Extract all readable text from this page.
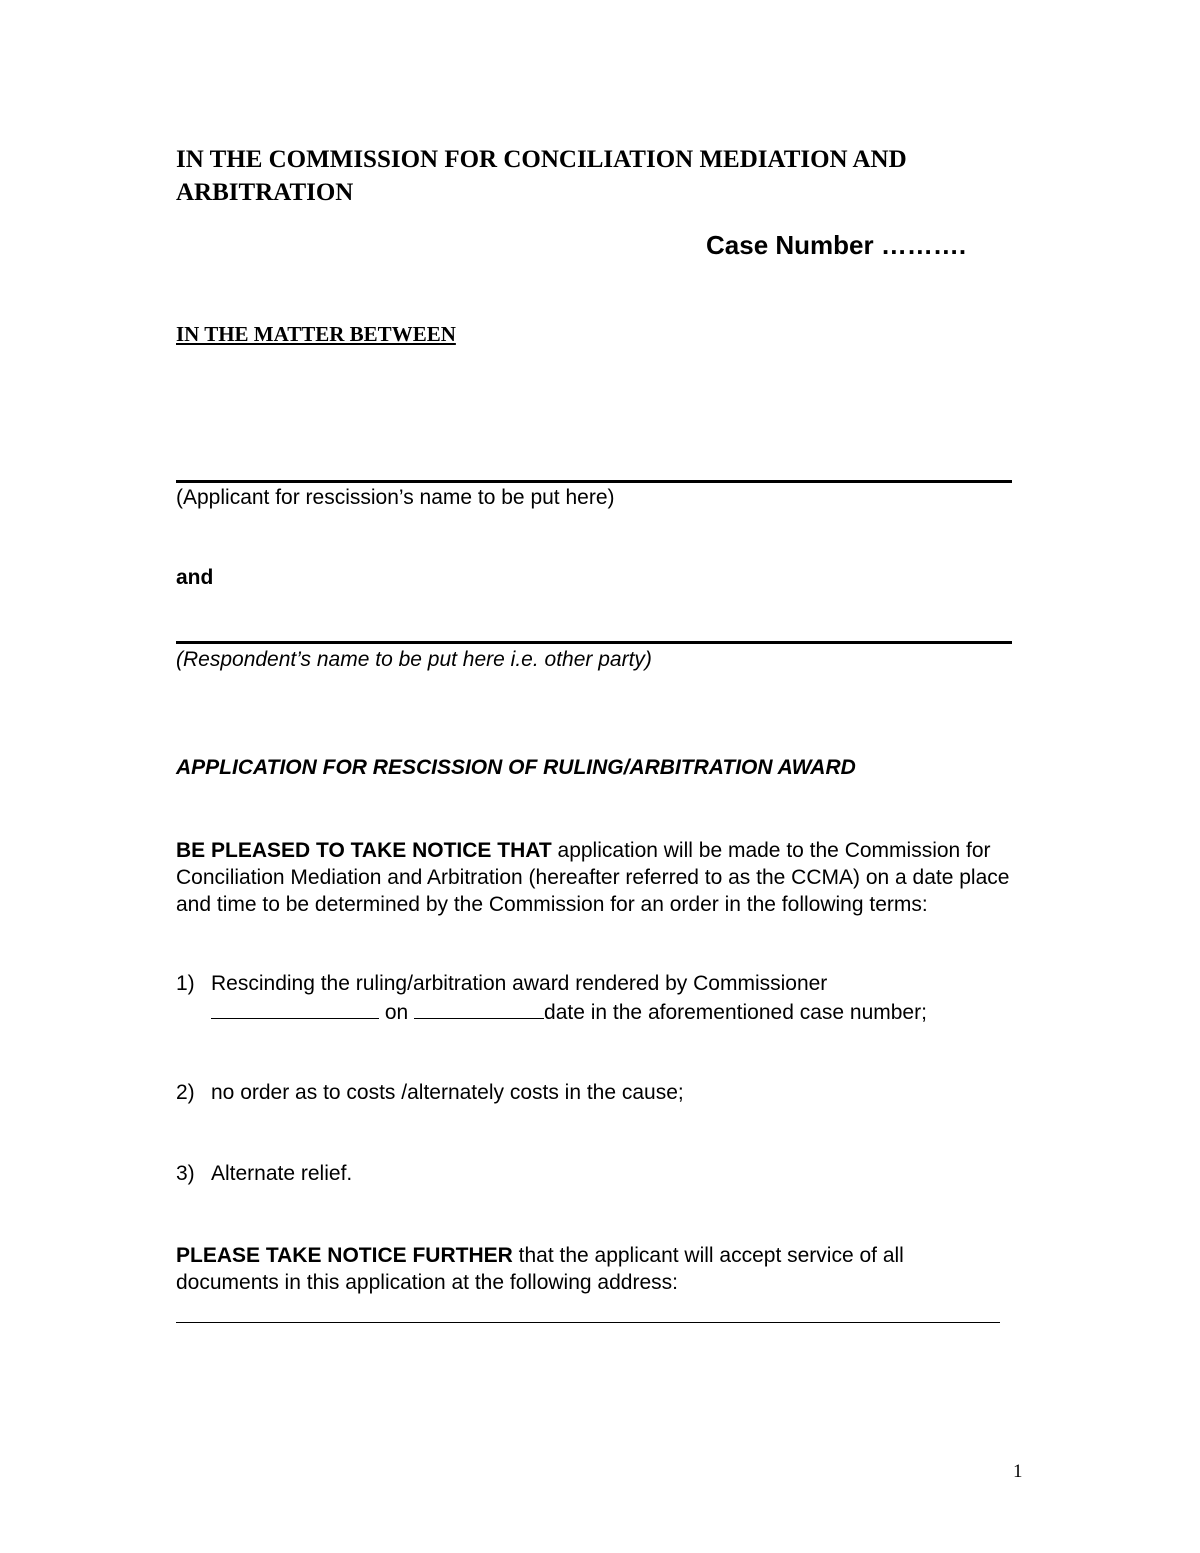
IN THE COMMISSION FOR CONCILIATION MEDIATION AND ARBITRATION
Case Number ……….
IN THE MATTER BETWEEN
(Applicant for rescission’s name to be put here)
and
(Respondent’s name to be put here i.e. other party)
APPLICATION FOR RESCISSION OF RULING/ARBITRATION AWARD
BE PLEASED TO TAKE NOTICE THAT application will be made to the Commission for Conciliation Mediation and Arbitration (hereafter referred to as the CCMA) on a date place and time to be determined by the Commission for an order in the following terms:
1) Rescinding the ruling/arbitration award rendered by Commissioner
on	date in the aforementioned case number;
2) no order as to costs /alternately costs in the cause;
3) Alternate relief.
PLEASE TAKE NOTICE FURTHER that the applicant will accept service of all documents in this application at the following address:
1
